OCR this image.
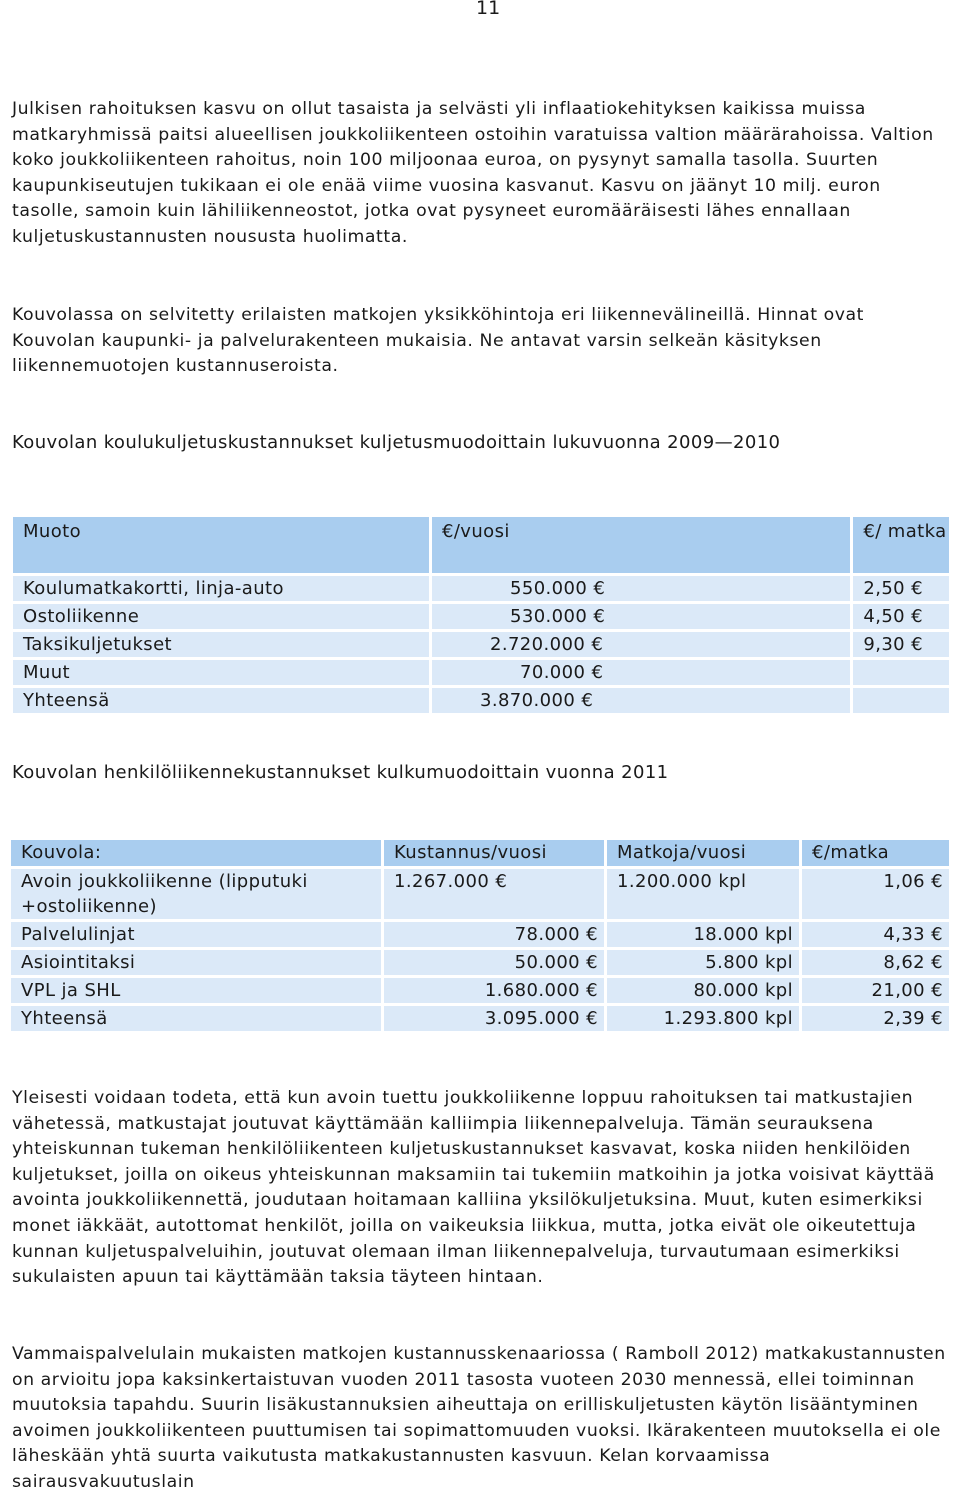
11

Julkisen rahoituksen kasvu on ollut tasaista ja selvästi yli inflaatiokehityksen kaikissa muissa matkaryhmissä paitsi alueellisen joukkoliikenteen ostoihin varatuissa valtion määrärahoissa. Valtion koko joukkoliikenteen rahoitus, noin 100 miljoonaa euroa, on pysynyt samalla tasolla. Suurten kaupunkiseutujen tukikaan ei ole enää viime vuosina kasvanut. Kasvu on jäänyt 10 milj. euron tasolle, samoin kuin lähiliikenneostot, jotka ovat pysyneet euromääräisesti lähes ennallaan kuljetuskustannusten noususta huolimatta.

Kouvolassa on selvitetty erilaisten matkojen yksikköhintoja eri liikennevälineillä. Hinnat ovat Kouvolan kaupunki- ja palvelurakenteen mukaisia. Ne antavat varsin selkeän käsityksen liikennemuotojen kustannuseroista.

Kouvolan koulukuljetuskustannukset kuljetusmuodoittain lukuvuonna 2009—2010
Muoto	€/vuosi	€/ matka
Koulumatkakortti, linja-auto	550.000 €	2,50 €
Ostoliikenne	530.000 €	4,50 €
Taksikuljetukset	2.720.000 €	9,30 €
Muut	70.000 €	
Yhteensä	3.870.000 €	
Kouvolan henkilöliikennekustannukset kulkumuodoittain vuonna 2011
Kouvola:	Kustannus/vuosi	Matkoja/vuosi	€/matka
Avoin joukkoliikenne (lipputuki +ostoliikenne)	1.267.000 €	1.200.000 kpl	1,06 €
Palvelulinjat	78.000 €	18.000 kpl	4,33 €
Asiointitaksi	50.000 €	5.800 kpl	8,62 €
VPL ja SHL	1.680.000 €	80.000 kpl	21,00 €
Yhteensä	3.095.000 €	1.293.800 kpl	2,39 €

Yleisesti voidaan todeta, että kun avoin tuettu joukkoliikenne loppuu rahoituksen tai matkustajien vähetessä, matkustajat joutuvat käyttämään kalliimpia liikennepalveluja. Tämän seurauksena yhteiskunnan tukeman henkilöliikenteen kuljetuskustannukset kasvavat, koska niiden henkilöiden kuljetukset, joilla on oikeus yhteiskunnan maksamiin tai tukemiin matkoihin ja jotka voisivat käyttää avointa joukkoliikennettä, joudutaan hoitamaan kalliina yksilökuljetuksina. Muut, kuten esimerkiksi monet iäkkäät, autottomat henkilöt, joilla on vaikeuksia liikkua, mutta, jotka eivät ole oikeutettuja kunnan kuljetuspalveluihin, joutuvat olemaan ilman liikennepalveluja, turvautumaan esimerkiksi sukulaisten apuun tai käyttämään taksia täyteen hintaan.

Vammaispalvelulain mukaisten matkojen kustannusskenaariossa ( Ramboll 2012) matkakustannusten on arvioitu jopa kaksinkertaistuvan vuoden 2011 tasosta vuoteen 2030 mennessä, ellei toiminnan muutoksia tapahdu. Suurin lisäkustannuksien aiheuttaja on erilliskuljetusten käytön lisääntyminen avoimen joukkoliikenteen puuttumisen tai sopimattomuuden vuoksi. Ikärakenteen muutoksella ei ole läheskään yhtä suurta vaikutusta matkakustannusten kasvuun. Kelan korvaamissa sairausvakuutuslain
